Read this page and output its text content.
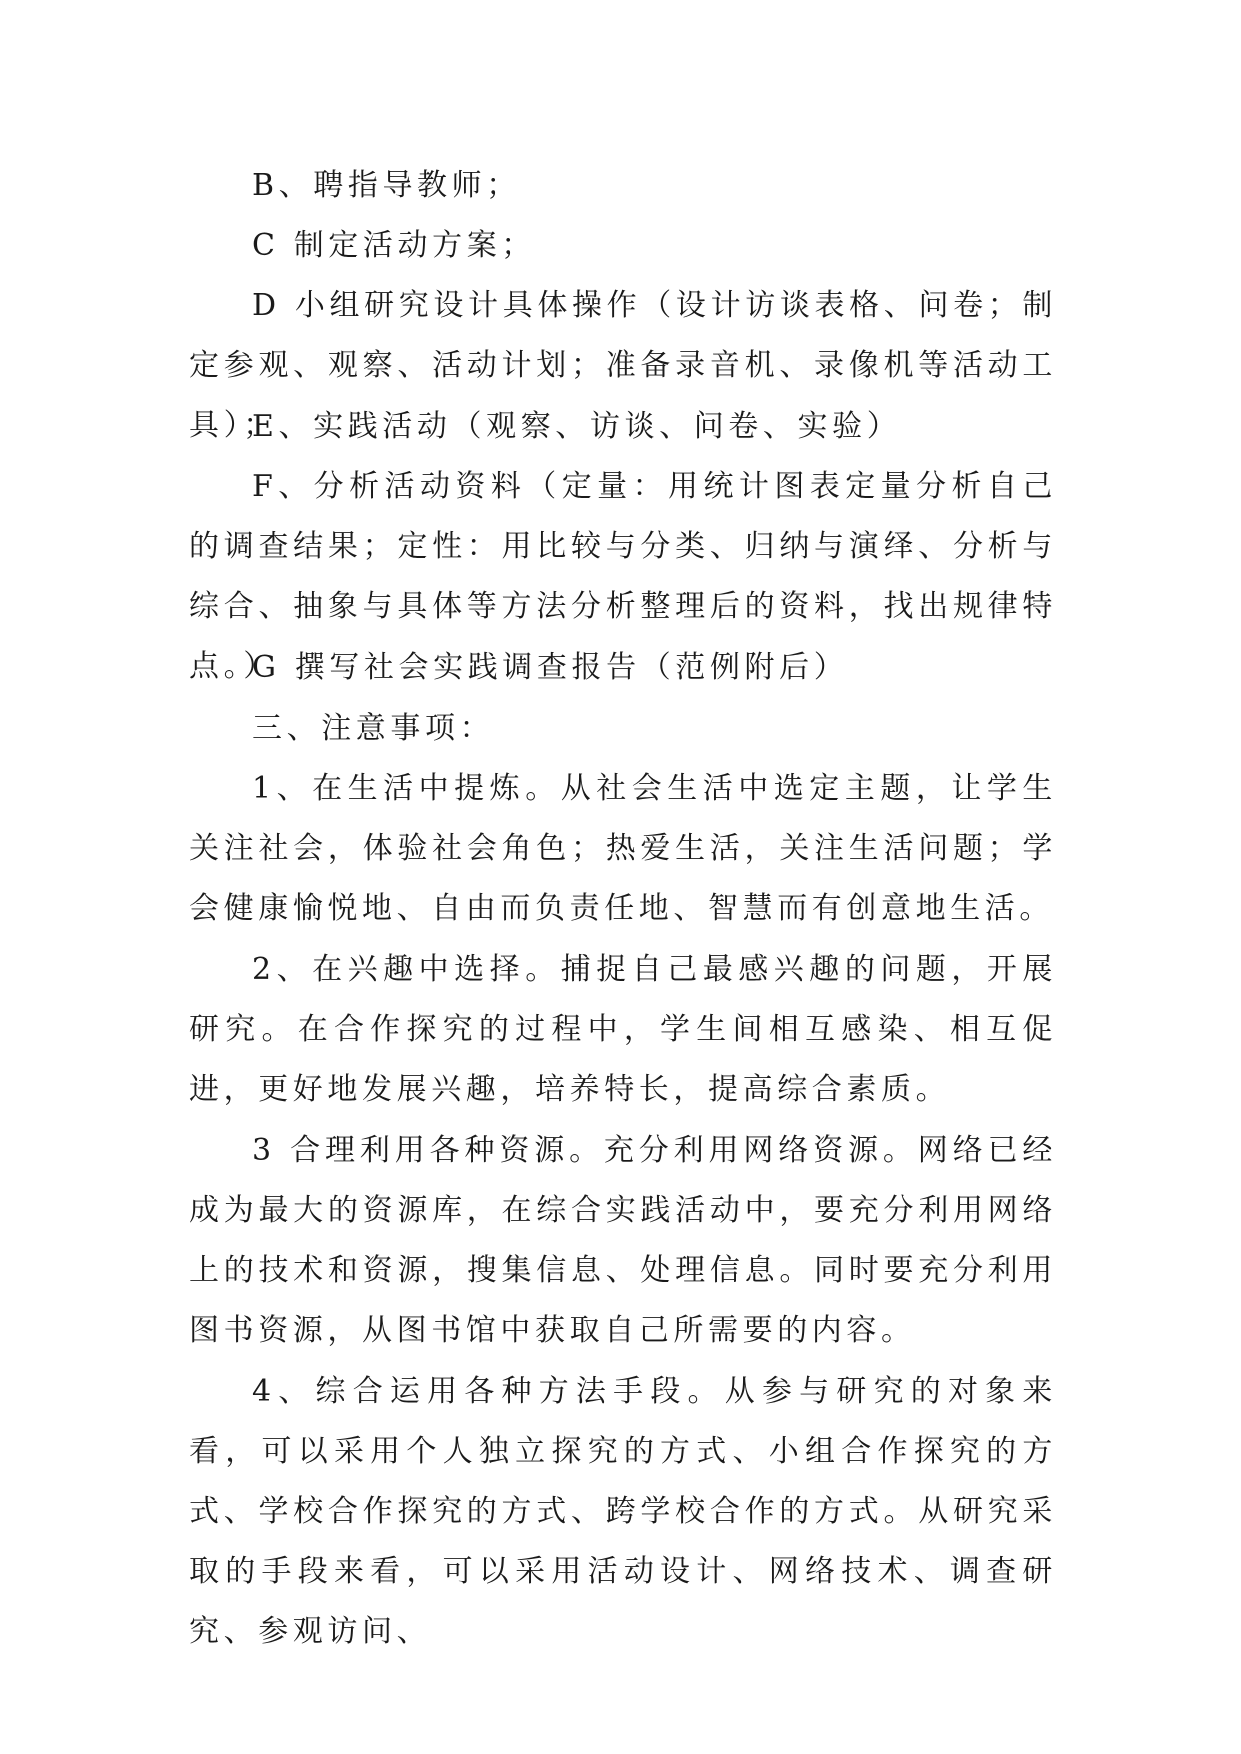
B、聘指导教师；

C 制定活动方案；

D 小组研究设计具体操作（设计访谈表格、问卷；制定参观、观察、活动计划；准备录音机、录像机等活动工具）；

E、实践活动（观察、访谈、问卷、实验）

F、分析活动资料（定量：用统计图表定量分析自己的调查结果；定性：用比较与分类、归纳与演绎、分析与综合、抽象与具体等方法分析整理后的资料，找出规律特点。）

G 撰写社会实践调查报告（范例附后）

三、注意事项：

1、在生活中提炼。从社会生活中选定主题，让学生关注社会，体验社会角色；热爱生活，关注生活问题；学会健康愉悦地、自由而负责任地、智慧而有创意地生活。

2、在兴趣中选择。捕捉自己最感兴趣的问题，开展研究。在合作探究的过程中，学生间相互感染、相互促进，更好地发展兴趣，培养特长，提高综合素质。

3 合理利用各种资源。充分利用网络资源。网络已经成为最大的资源库，在综合实践活动中，要充分利用网络上的技术和资源，搜集信息、处理信息。同时要充分利用图书资源，从图书馆中获取自己所需要的内容。

4、综合运用各种方法手段。从参与研究的对象来看，可以采用个人独立探究的方式、小组合作探究的方式、学校合作探究的方式、跨学校合作的方式。从研究采取的手段来看，可以采用活动设计、网络技术、调查研究、参观访问、
